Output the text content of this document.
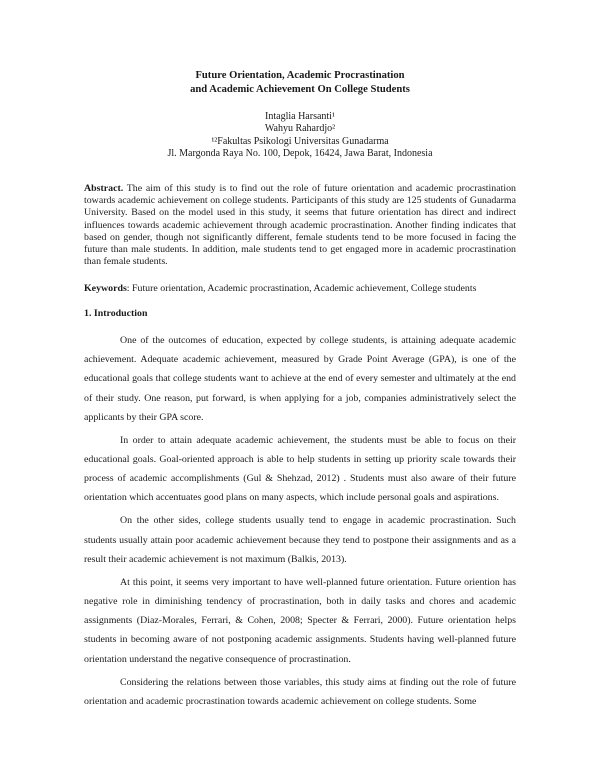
Future Orientation, Academic Procrastination
and Academic Achievement On College Students
Intaglia Harsanti¹
Wahyu Rahardjo²
¹²Fakultas Psikologi Universitas Gunadarma
Jl. Margonda Raya No. 100, Depok, 16424, Jawa Barat, Indonesia
Abstract. The aim of this study is to find out the role of future orientation and academic procrastination towards academic achievement on college students. Participants of this study are 125 students of Gunadarma University. Based on the model used in this study, it seems that future orientation has direct and indirect influences towards academic achievement through academic procrastination. Another finding indicates that based on gender, though not significantly different, female students tend to be more focused in facing the future than male students. In addition, male students tend to get engaged more in academic procrastination than female students.
Keywords: Future orientation, Academic procrastination, Academic achievement, College students
1. Introduction

One of the outcomes of education, expected by college students, is attaining adequate academic achievement. Adequate academic achievement, measured by Grade Point Average (GPA), is one of the educational goals that college students want to achieve at the end of every semester and ultimately at the end of their study. One reason, put forward, is when applying for a job, companies administratively select the applicants by their GPA score.

In order to attain adequate academic achievement, the students must be able to focus on their educational goals. Goal-oriented approach is able to help students in setting up priority scale towards their process of academic accomplishments (Gul & Shehzad, 2012) . Students must also aware of their future orientation which accentuates good plans on many aspects, which include personal goals and aspirations.

On the other sides, college students usually tend to engage in academic procrastination. Such students usually attain poor academic achievement because they tend to postpone their assignments and as a result their academic achievement is not maximum (Balkis, 2013).

At this point, it seems very important to have well-planned future orientation. Future oriention has negative role in diminishing tendency of procrastination, both in daily tasks and chores and academic assignments (Diaz-Morales, Ferrari, & Cohen, 2008; Specter & Ferrari, 2000). Future orientation helps students in becoming aware of not postponing academic assignments. Students having well-planned future orientation understand the negative consequence of procrastination.

Considering the relations between those variables, this study aims at finding out the role of future orientation and academic procrastination towards academic achievement on college students. Some
